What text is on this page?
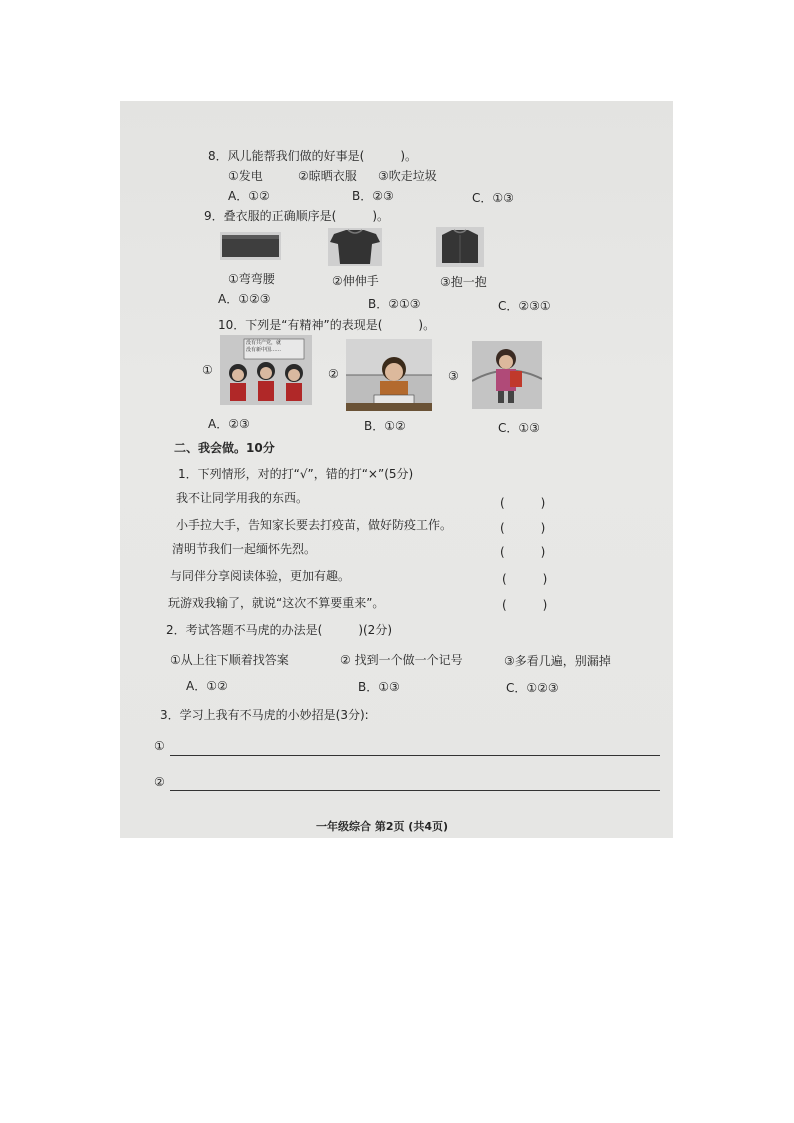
8．风儿能帮我们做的好事是(　　　)。
①发电	②晾晒衣服 ③吹走垃圾
A．①②	B．②③	C．①③
9．叠衣服的正确顺序是(　　　)。
①弯弯腰	②伸伸手	③抱一抱
A．①②③	B．②①③	C．②③①
10．下列是“有精神”的表现是(　　　)。
①
没有共产党，就
没有新中国……
②	③
A．②③	B．①②	C．①③
二、我会做。10分
1．下列情形，对的打“√”，错的打“×”(5分)
我不让同学用我的东西。	(　　　)
小手拉大手，告知家长要去打疫苗，做好防疫工作。	(　　　)
清明节我们一起缅怀先烈。	(　　　)
与同伴分享阅读体验，更加有趣。	(　　　)
玩游戏我输了，就说“这次不算要重来”。	(　　　)
2．考试答题不马虎的办法是(　　　)(2分)
①从上往下顺着找答案	② 找到一个做一个记号	③多看几遍，别漏掉
A．①②	B．①③	C．①②③
3．学习上我有不马虎的小妙招是(3分):
①
②
一年级综合 第2页 (共4页)
